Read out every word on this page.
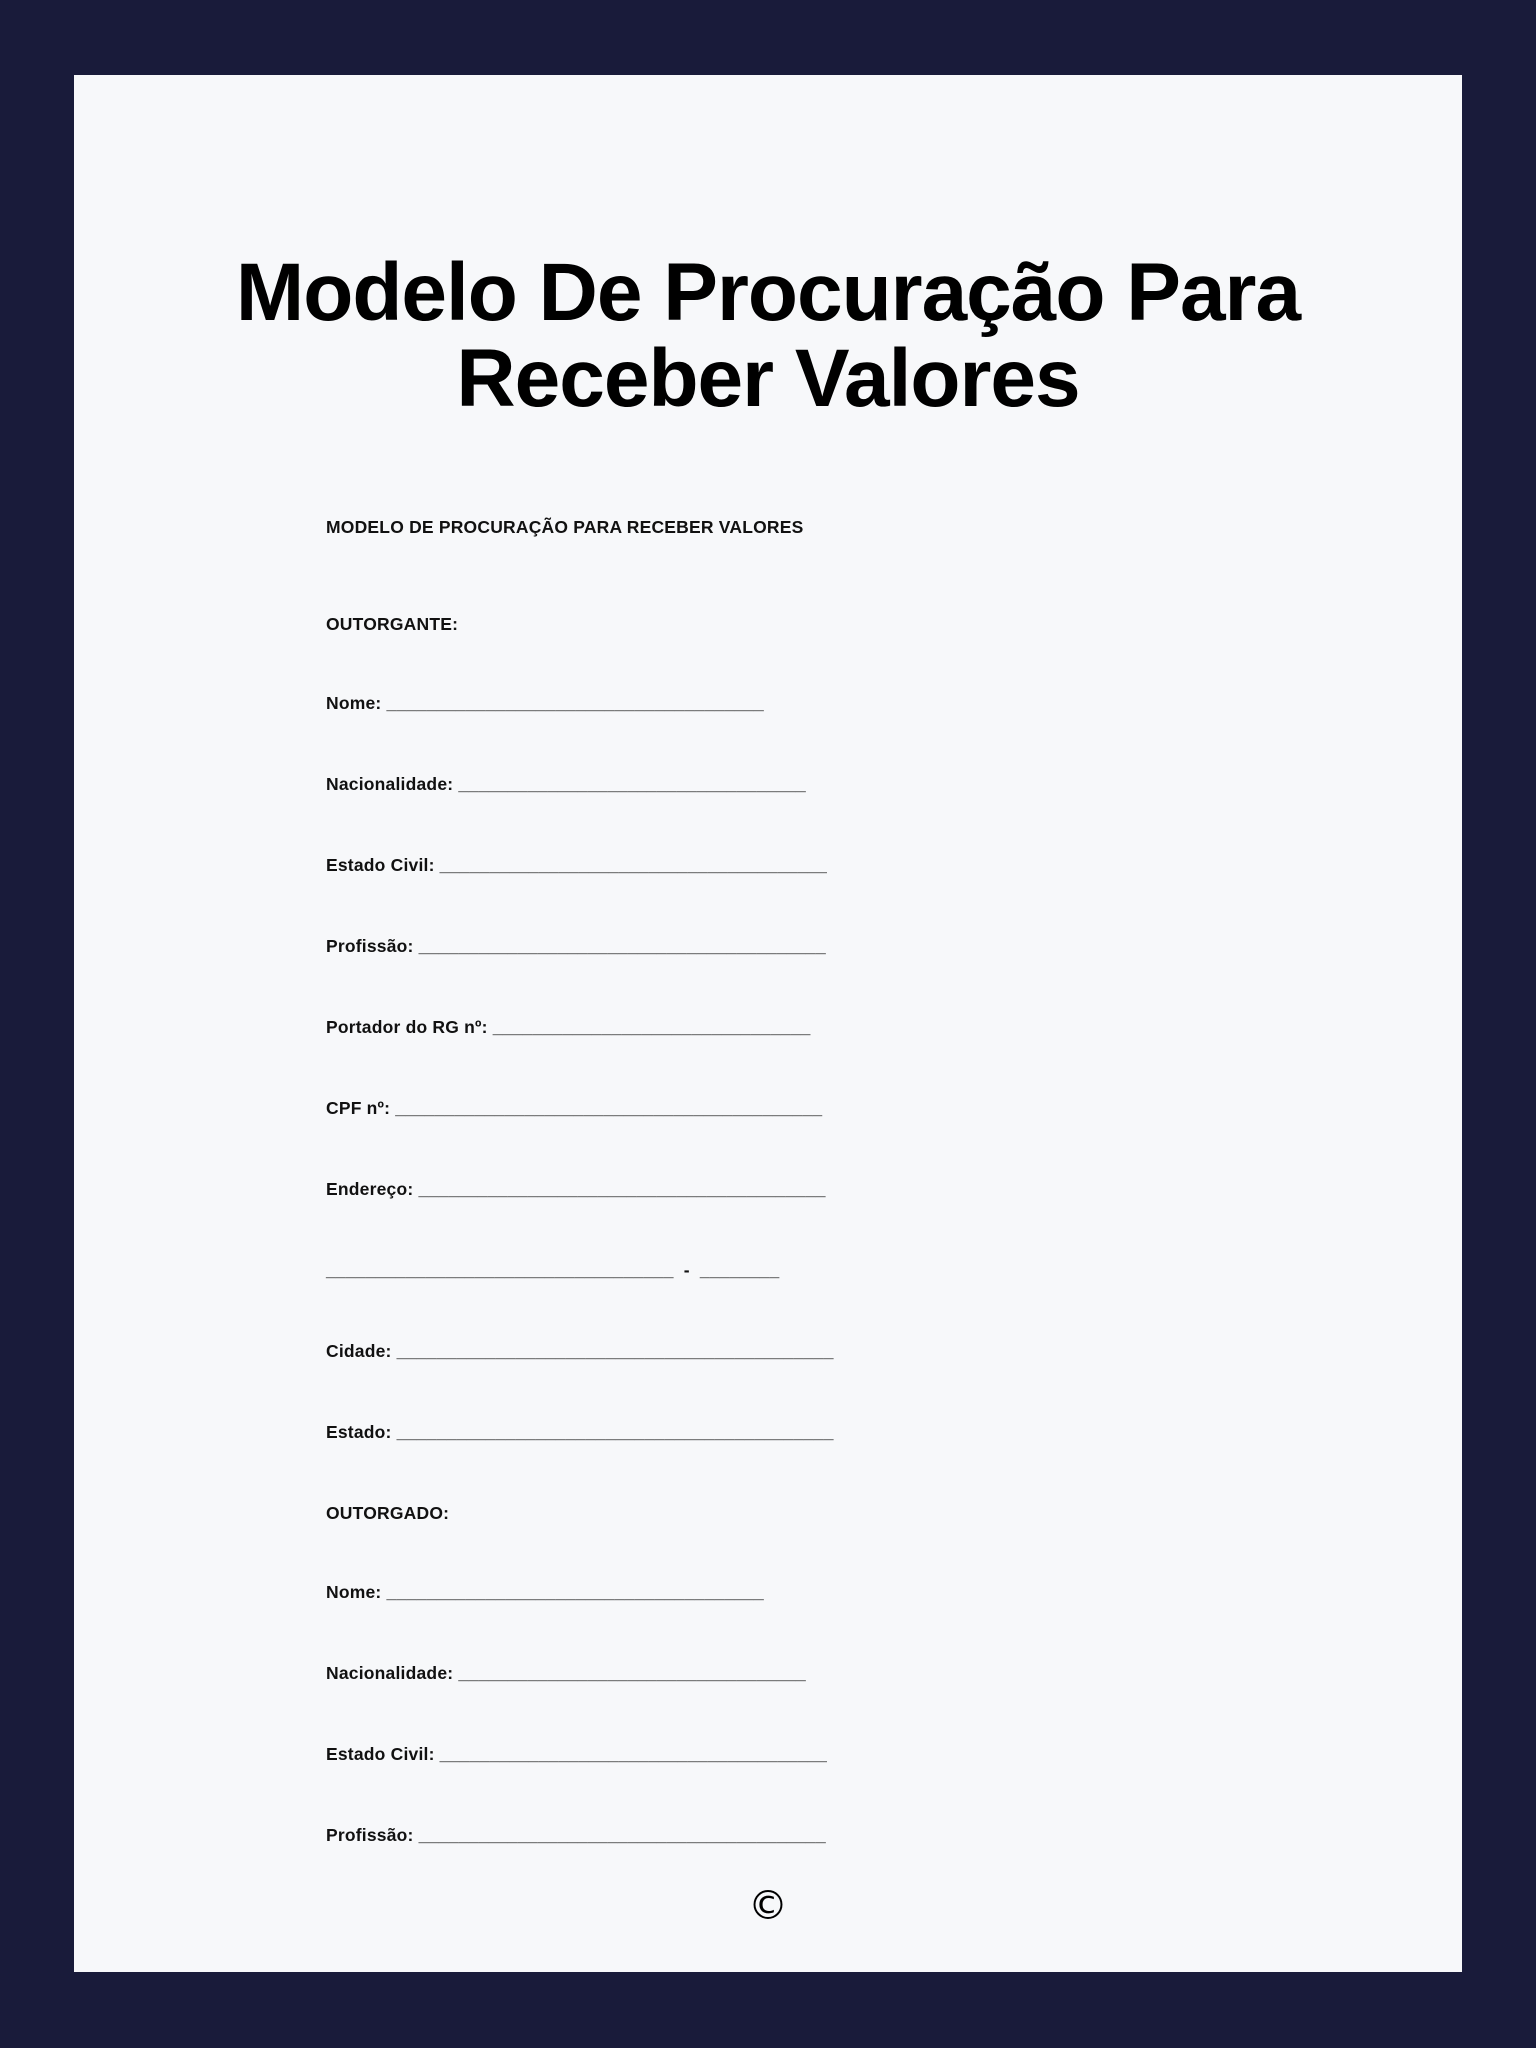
Modelo De Procuração Para Receber Valores

MODELO DE PROCURAÇÃO PARA RECEBER VALORES

OUTORGANTE:

Nome: ______________________________________

Nacionalidade: ___________________________________

Estado Civil: _______________________________________

Profissão: _________________________________________

Portador do RG nº: ________________________________

CPF nº: ___________________________________________

Endereço: _________________________________________

___________________________________  -  ________

Cidade: ____________________________________________

Estado: ____________________________________________

OUTORGADO:

Nome: ______________________________________

Nacionalidade: ___________________________________

Estado Civil: _______________________________________

Profissão: _________________________________________

©
